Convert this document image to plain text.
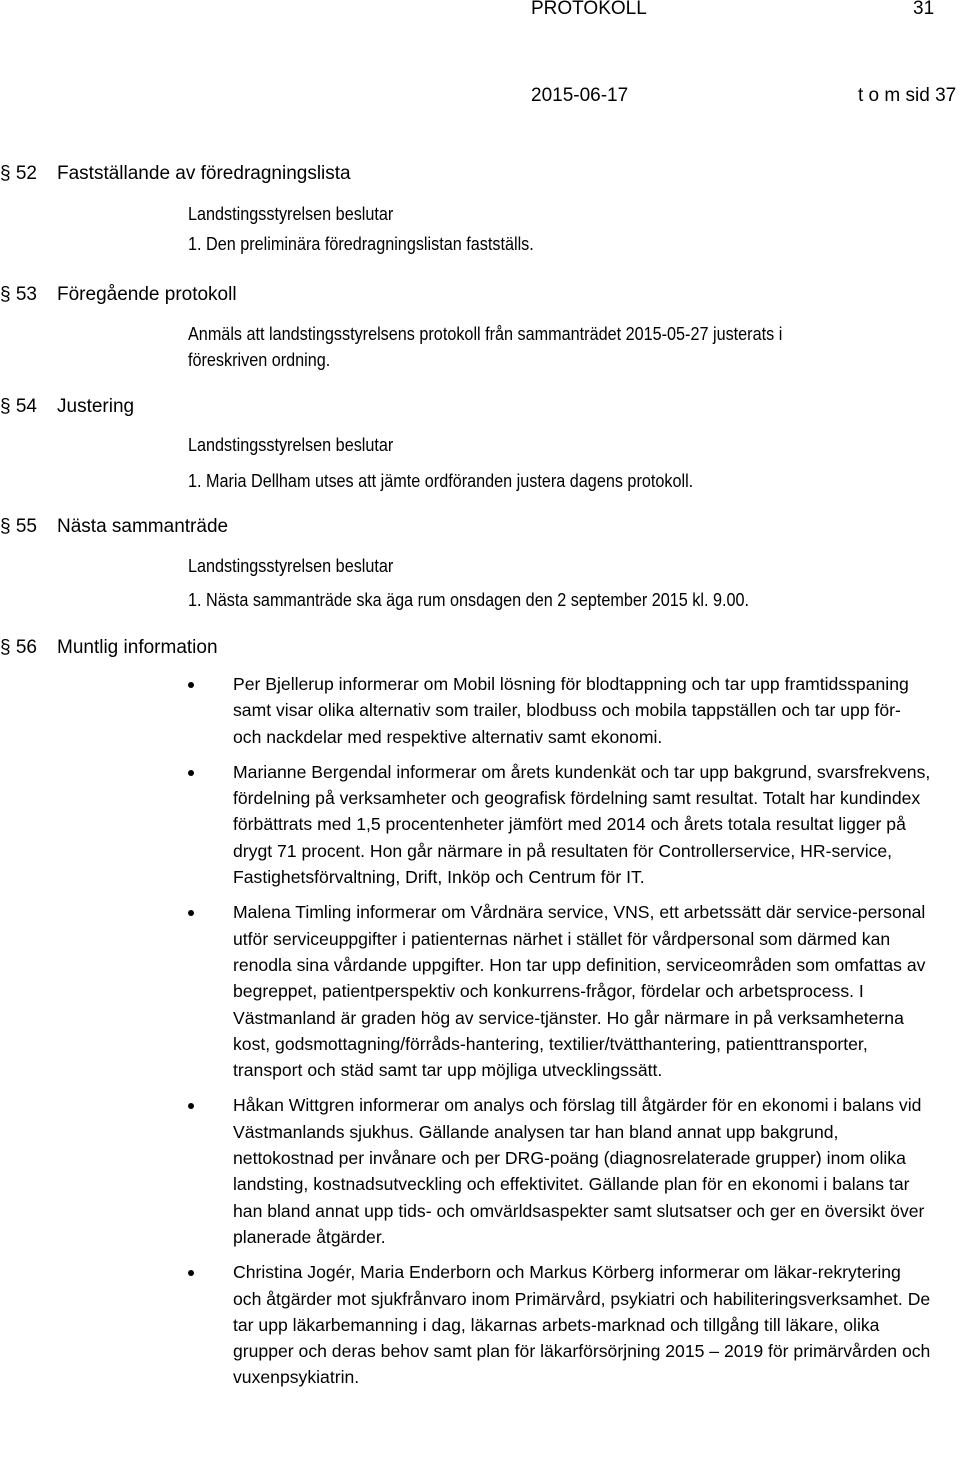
PROTOKOLL	31
2015-06-17	t o m sid 37
§ 52 Fastställande av föredragningslista
Landstingsstyrelsen beslutar
1. Den preliminära föredragningslistan fastställs.
§ 53 Föregående protokoll
Anmäls att landstingsstyrelsens protokoll från sammanträdet 2015-05-27 justerats i
föreskriven ordning.
§ 54 Justering
Landstingsstyrelsen beslutar
1. Maria Dellham utses att jämte ordföranden justera dagens protokoll.
§ 55 Nästa sammanträde
Landstingsstyrelsen beslutar
1. Nästa sammanträde ska äga rum onsdagen den 2 september 2015 kl. 9.00.
§ 56 Muntlig information
Per Bjellerup informerar om Mobil lösning för blodtappning och tar upp framtidsspaning samt visar olika alternativ som trailer, blodbuss och mobila tappställen och tar upp för- och nackdelar med respektive alternativ samt ekonomi.
Marianne Bergendal informerar om årets kundenkät och tar upp bakgrund, svarsfrekvens, fördelning på verksamheter och geografisk fördelning samt resultat. Totalt har kundindex förbättrats med 1,5 procentenheter jämfört med 2014 och årets totala resultat ligger på drygt 71 procent. Hon går närmare in på resultaten för Controllerservice, HR-service, Fastighetsförvaltning, Drift, Inköp och Centrum för IT.
Malena Timling informerar om Vårdnära service, VNS, ett arbetssätt där service-personal utför serviceuppgifter i patienternas närhet i stället för vårdpersonal som därmed kan renodla sina vårdande uppgifter. Hon tar upp definition, serviceområden som omfattas av begreppet, patientperspektiv och konkurrens-frågor, fördelar och arbetsprocess. I Västmanland är graden hög av service-tjänster. Ho går närmare in på verksamheterna kost, godsmottagning/förråds-hantering, textilier/tvätthantering, patienttransporter, transport och städ samt tar upp möjliga utvecklingssätt.
Håkan Wittgren informerar om analys och förslag till åtgärder för en ekonomi i balans vid Västmanlands sjukhus. Gällande analysen tar han bland annat upp bakgrund, nettokostnad per invånare och per DRG-poäng (diagnosrelaterade grupper) inom olika landsting, kostnadsutveckling och effektivitet. Gällande plan för en ekonomi i balans tar han bland annat upp tids- och omvärldsaspekter samt slutsatser och ger en översikt över planerade åtgärder.
Christina Jogér, Maria Enderborn och Markus Körberg informerar om läkar-rekrytering och åtgärder mot sjukfrånvaro inom Primärvård, psykiatri och habiliteringsverksamhet. De tar upp läkarbemanning i dag, läkarnas arbets-marknad och tillgång till läkare, olika grupper och deras behov samt plan för läkarförsörjning 2015 – 2019 för primärvården och vuxenpsykiatrin.
